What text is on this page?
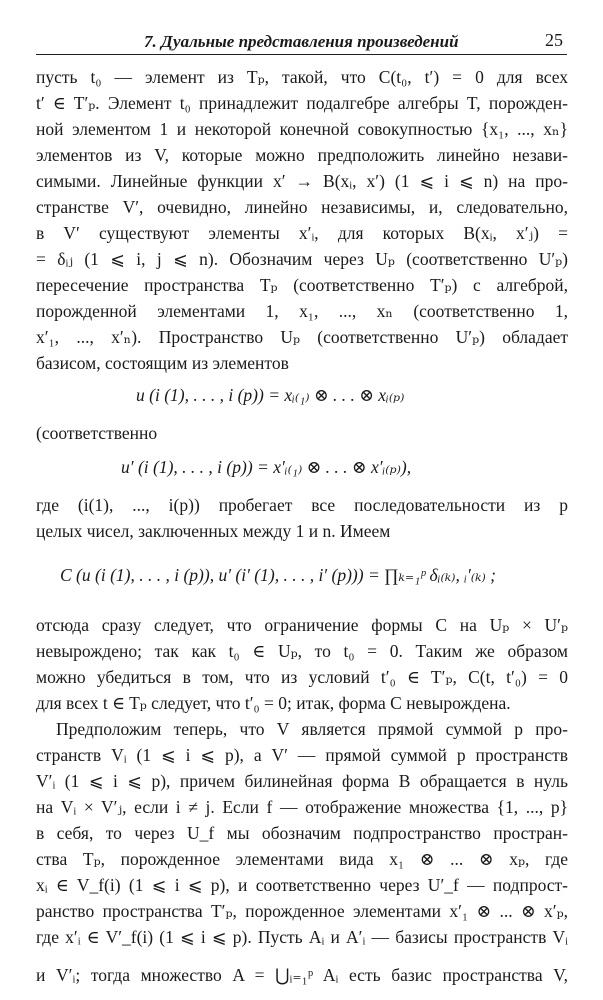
7. Дуальные представления произведений	25
пусть t₀ — элемент из Tₚ, такой, что C(t₀, t′) = 0 для всех
t′ ∈ T′ₚ. Элемент t₀ принадлежит подалгебре алгебры T, порожден-
ной элементом 1 и некоторой конечной совокупностью {x₁, ..., xₙ}
элементов из V, которые можно предположить линейно незави-
симыми. Линейные функции x′ → B(xᵢ, x′) (1 ⩽ i ⩽ n) на про-
странстве V′, очевидно, линейно независимы, и, следовательно,
в V′ существуют элементы x′ᵢ, для которых B(xᵢ, x′ⱼ) =
= δᵢⱼ (1 ⩽ i, j ⩽ n). Обозначим через Uₚ (соответственно U′ₚ)
пересечение пространства Tₚ (соответственно T′ₚ) с алгеброй,
порожденной элементами 1, x₁, ..., xₙ (соответственно 1,
x′₁, ..., x′ₙ). Пространство Uₚ (соответственно U′ₚ) обладает
базисом, состоящим из элементов
u (i (1), . . . , i (p)) = xᵢ₍₁₎ ⊗ . . . ⊗ xᵢ₍ₚ₎
(соответственно
u′ (i (1), . . . , i (p)) = x′ᵢ₍₁₎ ⊗ . . . ⊗ x′ᵢ₍ₚ₎),
где (i(1), ..., i(p)) пробегает все последовательности из p
целых чисел, заключенных между 1 и n. Имеем
C (u (i (1), . . . , i (p)), u′ (i′ (1), . . . , i′ (p))) = ∏ₖ₌₁ᵖ δᵢ₍ₖ₎, ᵢ′₍ₖ₎ ;
отсюда сразу следует, что ограничение формы C на Uₚ × U′ₚ
невырождено; так как t₀ ∈ Uₚ, то t₀ = 0. Таким же образом
можно убедиться в том, что из условий t′₀ ∈ T′ₚ, C(t, t′₀) = 0
для всех t ∈ Tₚ следует, что t′₀ = 0; итак, форма C невырождена.
Предположим теперь, что V является прямой суммой p про-
странств Vᵢ (1 ⩽ i ⩽ p), а V′ — прямой суммой p пространств
V′ᵢ (1 ⩽ i ⩽ p), причем билинейная форма B обращается в нуль
на Vᵢ × V′ⱼ, если i ≠ j. Если f — отображение множества {1, ..., p}
в себя, то через U_f мы обозначим подпространство простран-
ства Tₚ, порожденное элементами вида x₁ ⊗ ... ⊗ xₚ, где
xᵢ ∈ V_f(i) (1 ⩽ i ⩽ p), и соответственно через U′_f — подпрост-
ранство пространства T′ₚ, порожденное элементами x′₁ ⊗ ... ⊗ x′ₚ,
где x′ᵢ ∈ V′_f(i) (1 ⩽ i ⩽ p). Пусть Aᵢ и A′ᵢ — базисы пространств Vᵢ
и V′ᵢ; тогда множество A = ⋃ᵢ₌₁ᵖ Aᵢ есть базис пространства V,
